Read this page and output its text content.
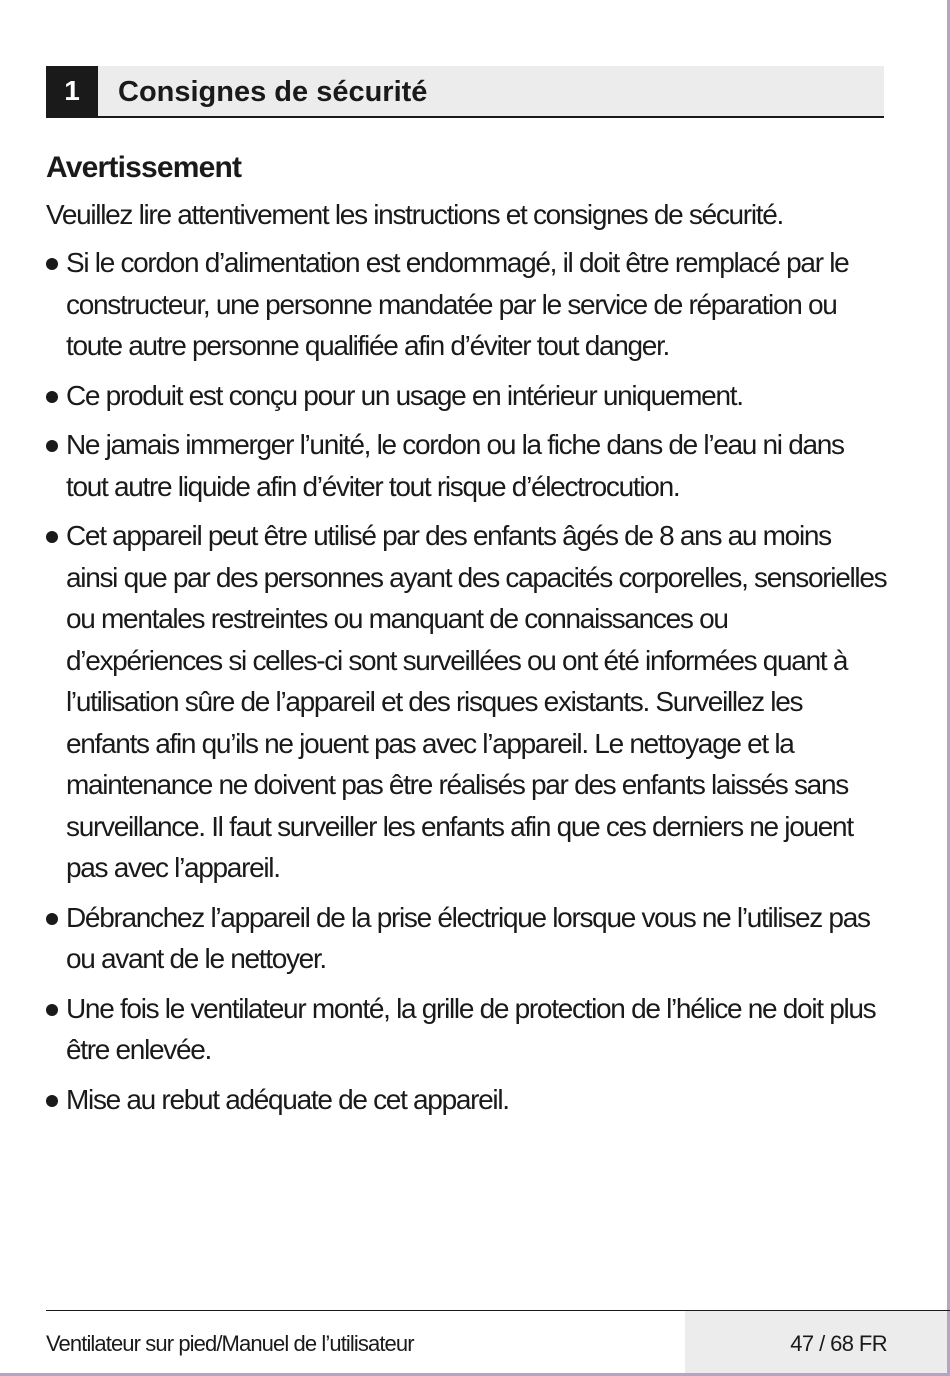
1	Consignes de sécurité
Avertissement

Veuillez lire attentivement les instructions et consignes de sécurité.

Si le cordon d’alimentation est endommagé, il doit être remplacé par le constructeur, une personne mandatée par le service de réparation ou toute autre personne qualifiée afin d’éviter tout danger.
Ce produit est conçu pour un usage en intérieur uniquement.
Ne jamais immerger l’unité, le cordon ou la fiche dans de l’eau ni dans tout autre liquide afin d’éviter tout risque d’électrocution.
Cet appareil peut être utilisé par des enfants âgés de 8 ans au moins ainsi que par des personnes ayant des capacités corporelles, sensorielles ou mentales restreintes ou manquant de connaissances ou d’expériences si celles-ci sont surveillées ou ont été informées quant à l’utilisation sûre de l’appareil et des risques existants. Surveillez les enfants afin qu’ils ne jouent pas avec l’appareil. Le nettoyage et la maintenance ne doivent pas être réalisés par des enfants laissés sans surveillance. Il faut surveiller les enfants afin que ces derniers ne jouent pas avec l’appareil.
Débranchez l’appareil de la prise électrique lorsque vous ne l’utilisez pas ou avant de le nettoyer.
Une fois le ventilateur monté, la grille de protection de l’hélice ne doit plus être enlevée.
Mise au rebut adéquate de cet appareil.
Ventilateur sur pied/Manuel de l’utilisateur	47 / 68 FR
